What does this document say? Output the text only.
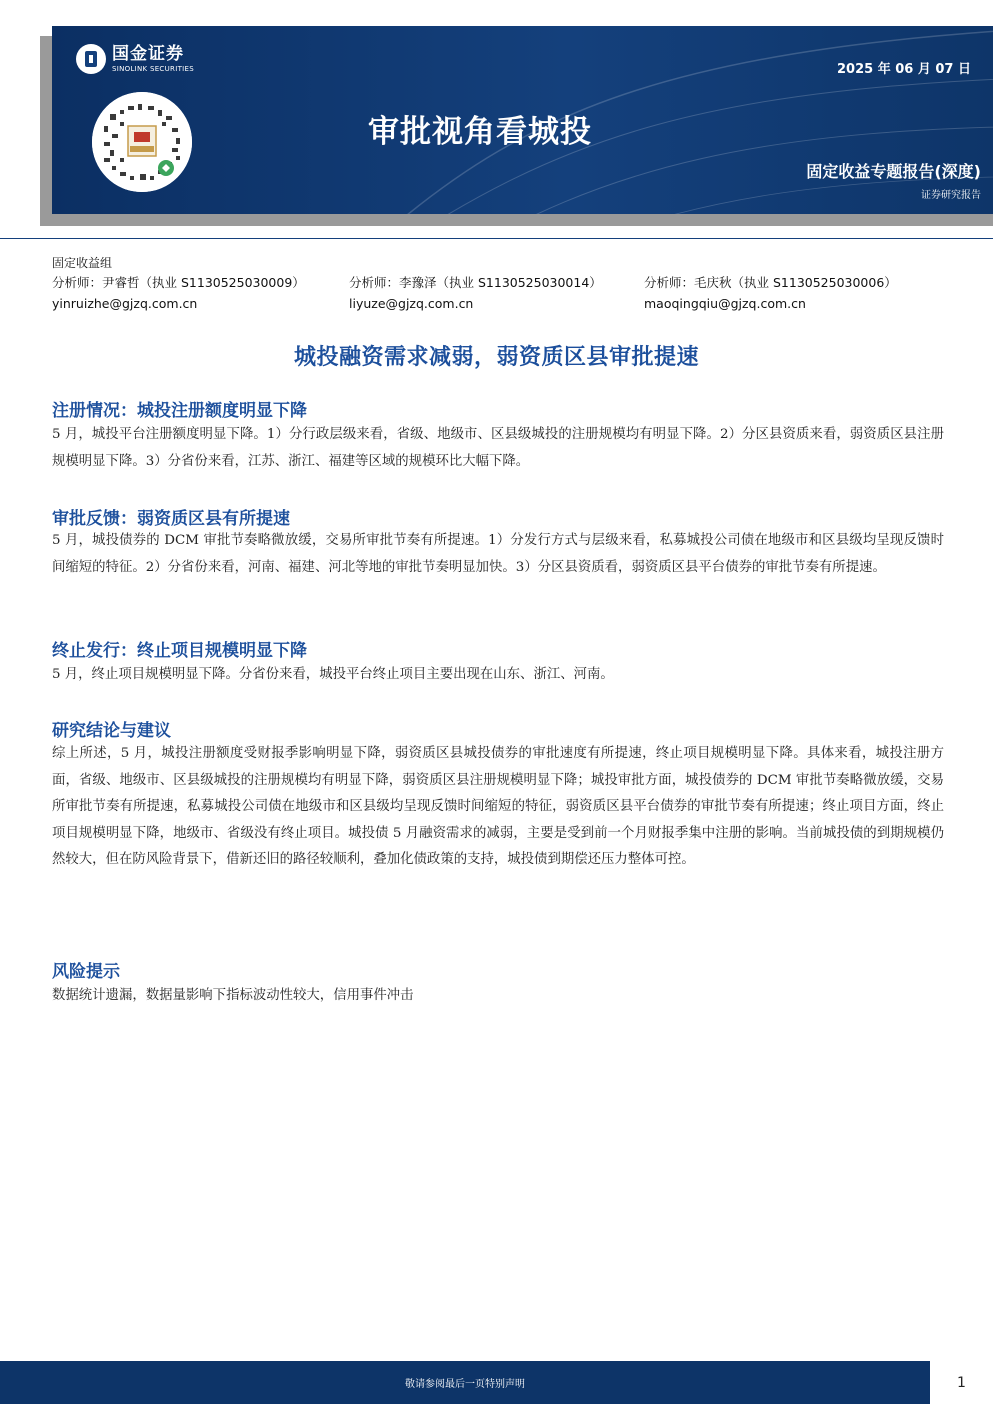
国金证券
SINOLINK SECURITIES	2025 年 06 月 07 日
审批视角看城投
固定收益专题报告(深度)
证券研究报告
固定收益组
分析师：尹睿哲（执业 S1130525030009）
yinruizhe@gjzq.com.cn
分析师：李豫泽（执业 S1130525030014）
liyuze@gjzq.com.cn
分析师：毛庆秋（执业 S1130525030006）
maoqingqiu@gjzq.com.cn
城投融资需求减弱，弱资质区县审批提速
注册情况：城投注册额度明显下降
5 月，城投平台注册额度明显下降。1）分行政层级来看，省级、地级市、区县级城投的注册规模均有明显下降。2）分区县资质来看，弱资质区县注册规模明显下降。3）分省份来看，江苏、浙江、福建等区域的规模环比大幅下降。
审批反馈：弱资质区县有所提速
5 月，城投债券的 DCM 审批节奏略微放缓，交易所审批节奏有所提速。1）分发行方式与层级来看，私募城投公司债在地级市和区县级均呈现反馈时间缩短的特征。2）分省份来看，河南、福建、河北等地的审批节奏明显加快。3）分区县资质看，弱资质区县平台债券的审批节奏有所提速。
终止发行：终止项目规模明显下降
5 月，终止项目规模明显下降。分省份来看，城投平台终止项目主要出现在山东、浙江、河南。
研究结论与建议
综上所述，5 月，城投注册额度受财报季影响明显下降，弱资质区县城投债券的审批速度有所提速，终止项目规模明显下降。具体来看，城投注册方面，省级、地级市、区县级城投的注册规模均有明显下降，弱资质区县注册规模明显下降；城投审批方面，城投债券的 DCM 审批节奏略微放缓，交易所审批节奏有所提速，私募城投公司债在地级市和区县级均呈现反馈时间缩短的特征，弱资质区县平台债券的审批节奏有所提速；终止项目方面，终止项目规模明显下降，地级市、省级没有终止项目。城投债 5 月融资需求的减弱，主要是受到前一个月财报季集中注册的影响。当前城投债的到期规模仍然较大，但在防风险背景下，借新还旧的路径较顺利，叠加化债政策的支持，城投债到期偿还压力整体可控。
风险提示
数据统计遗漏，数据量影响下指标波动性较大，信用事件冲击
敬请参阅最后一页特别声明	1
